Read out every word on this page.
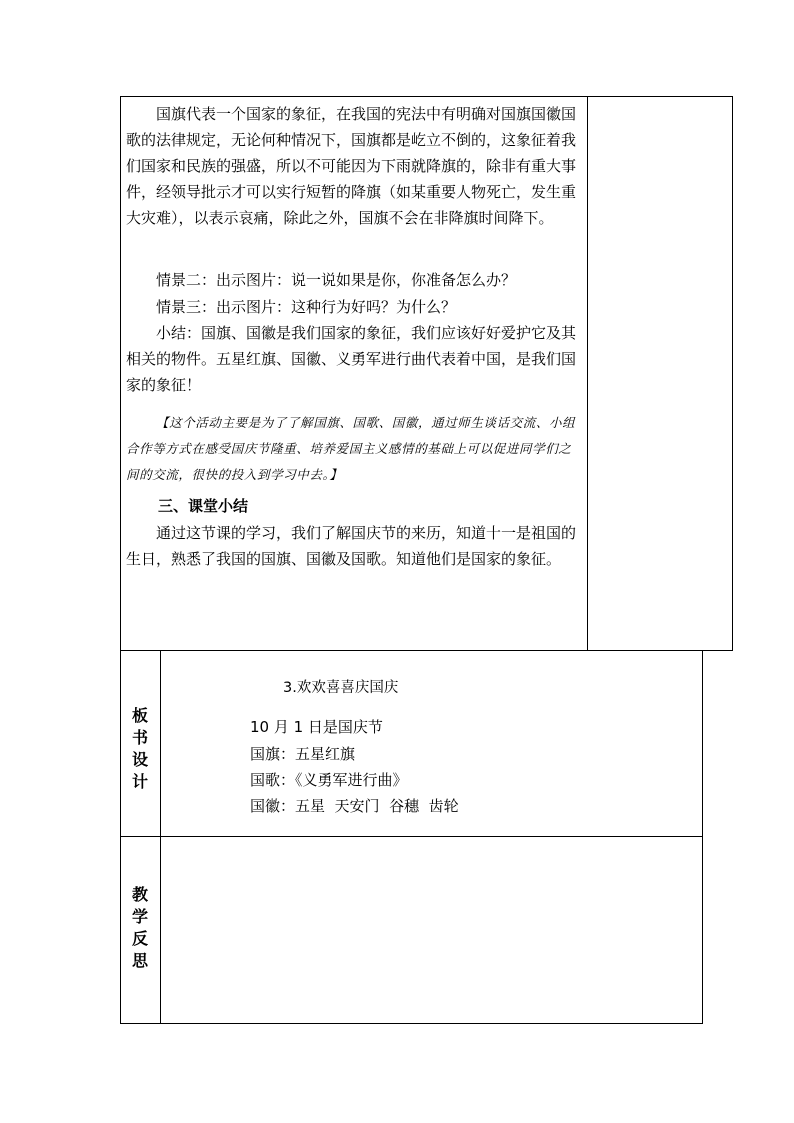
国旗代表一个国家的象征，在我国的宪法中有明确对国旗国徽国歌的法律规定，无论何种情况下，国旗都是屹立不倒的，这象征着我们国家和民族的强盛，所以不可能因为下雨就降旗的，除非有重大事件，经领导批示才可以实行短暂的降旗（如某重要人物死亡，发生重大灾难），以表示哀痛，除此之外，国旗不会在非降旗时间降下。

情景二：出示图片：说一说如果是你，你准备怎么办？

情景三：出示图片：这种行为好吗？为什么？

小结：国旗、国徽是我们国家的象征，我们应该好好爱护它及其相关的物件。五星红旗、国徽、义勇军进行曲代表着中国，是我们国家的象征！

【这个活动主要是为了了解国旗、国歌、国徽，通过师生谈话交流、小组合作等方式在感受国庆节隆重、培养爱国主义感情的基础上可以促进同学们之间的交流，很快的投入到学习中去。】

三、课堂小结

通过这节课的学习，我们了解国庆节的来历，知道十一是祖国的生日，熟悉了我国的国旗、国徽及国歌。知道他们是国家的象征。

板
书
设
计
3.欢欢喜喜庆国庆
10 月 1 日是国庆节
国旗：五星红旗
国歌：《义勇军进行曲》
国徽：五星  天安门  谷穗  齿轮
教
学
反
思
